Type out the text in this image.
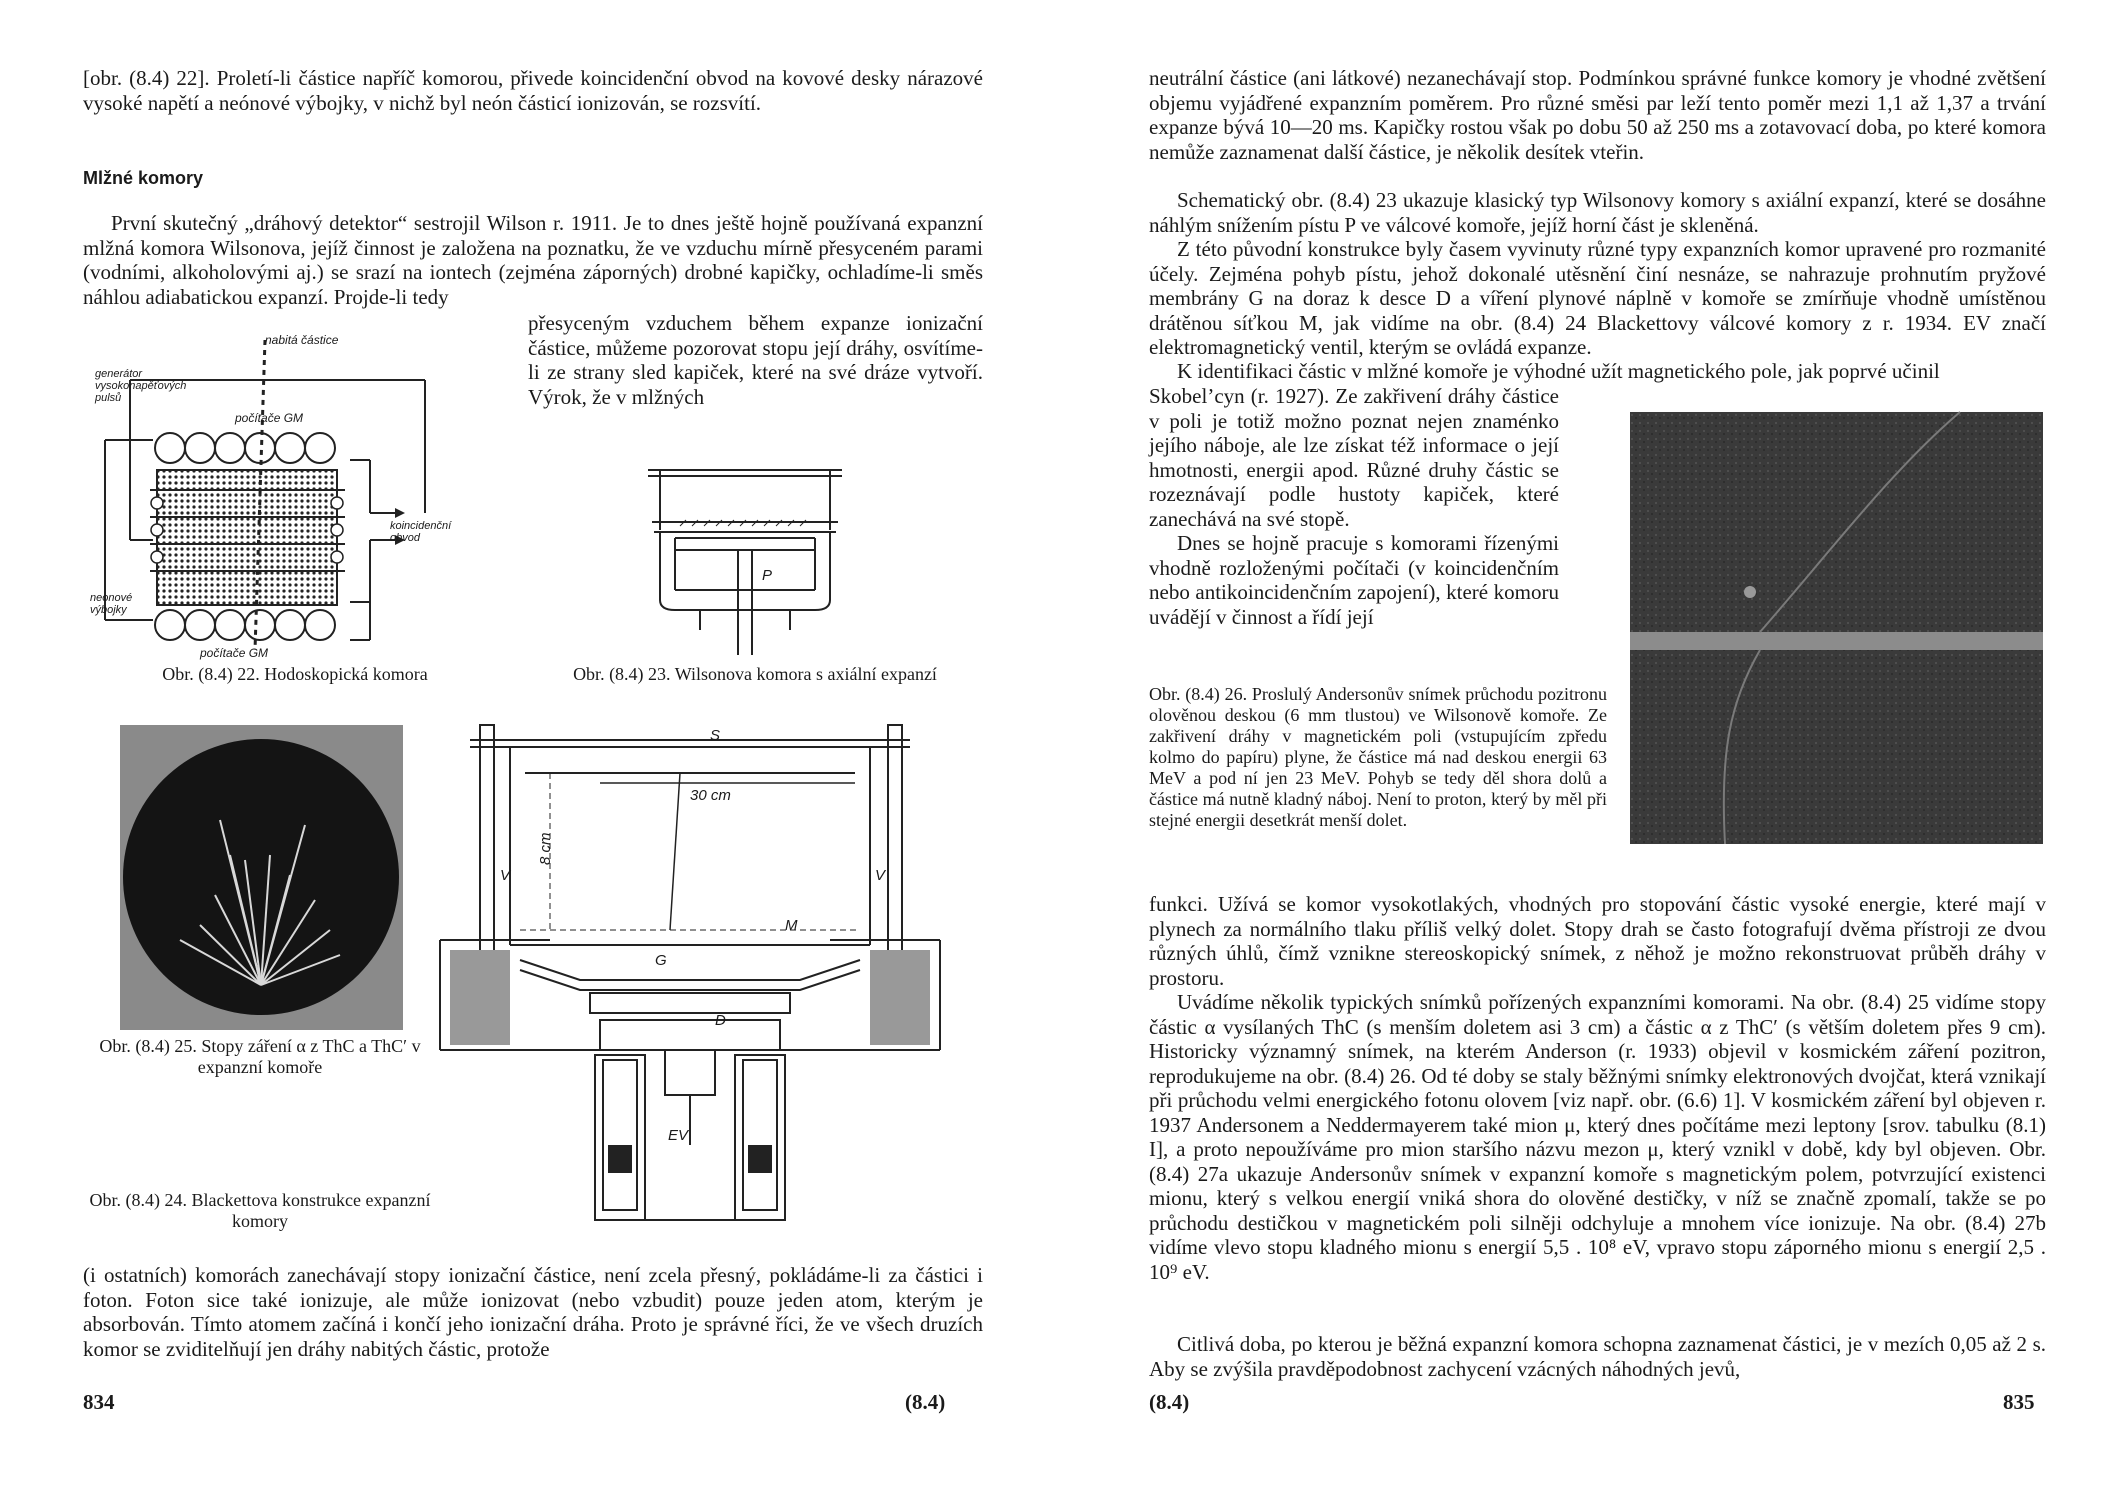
[obr. (8.4) 22]. Proletí-li částice napříč komorou, přivede koincidenční obvod na kovové desky nárazové vysoké napětí a neónové výbojky, v nichž byl neón částicí ionizován, se rozsvítí.

Mlžné komory

První skutečný „dráhový detektor“ sestrojil Wilson r. 1911. Je to dnes ještě hojně používaná expanzní mlžná komora Wilsonova, jejíž činnost je založena na poznatku, že ve vzduchu mírně přesyceném parami (vodními, alkoholovými aj.) se srazí na iontech (zejména záporných) drobné kapičky, ochladíme-li směs náhlou adiabatickou expanzí. Projde-li tedy

přesyceným vzduchem během expanze ionizační částice, můžeme pozorovat stopu její dráhy, osvítíme-li ze strany sled kapiček, které na své dráze vytvoří. Výrok, že v mlžných

nabitá částice
generátor vysokonapěťových pulsů
počítače GM
koincidenční obvod
neonové výbojky
počítače GM

Obr. (8.4) 22. Hodoskopická komora

P

Obr. (8.4) 23. Wilsonova komora s axiální expanzí

Obr. (8.4) 25. Stopy záření α z ThC a ThC′ v expanzní komoře

S
30 cm
8 cm
V	V
M
G
D
EV

Obr. (8.4) 24. Blackettova konstrukce expanzní komory

(i ostatních) komorách zanechávají stopy ionizační částice, není zcela přesný, pokládáme-li za částici i foton. Foton sice také ionizuje, ale může ionizovat (nebo vzbudit) pouze jeden atom, kterým je absorbován. Tímto atomem začíná i končí jeho ionizační dráha. Proto je správné říci, že ve všech druzích komor se zviditelňují jen dráhy nabitých částic, protože

834	(8.4)

neutrální částice (ani látkové) nezanechávají stop. Podmínkou správné funkce komory je vhodné zvětšení objemu vyjádřené expanzním poměrem. Pro různé směsi par leží tento poměr mezi 1,1 až 1,37 a trvání expanze bývá 10—20 ms. Kapičky rostou však po dobu 50 až 250 ms a zotavovací doba, po které komora nemůže zaznamenat další částice, je několik desítek vteřin.

Schematický obr. (8.4) 23 ukazuje klasický typ Wilsonovy komory s axiální expanzí, které se dosáhne náhlým snížením pístu P ve válcové komoře, jejíž horní část je skleněná.

Z této původní konstrukce byly časem vyvinuty různé typy expanzních komor upravené pro rozmanité účely. Zejména pohyb pístu, jehož dokonalé utěsnění činí nesnáze, se nahrazuje prohnutím pryžové membrány G na doraz k desce D a víření plynové náplně v komoře se zmírňuje vhodně umístěnou drátěnou síťkou M, jak vidíme na obr. (8.4) 24 Blackettovy válcové komory z r. 1934. EV značí elektromagnetický ventil, kterým se ovládá expanze.

K identifikaci částic v mlžné komoře je výhodné užít magnetického pole, jak poprvé učinil

Skobel’cyn (r. 1927). Ze zakřivení dráhy částice v poli je totiž možno poznat nejen znaménko jejího náboje, ale lze získat též informace o její hmotnosti, energii apod. Různé druhy částic se rozeznávají podle hustoty kapiček, které zanechává na své stopě.

Dnes se hojně pracuje s komorami řízenými vhodně rozloženými počítači (v koincidenčním nebo antikoincidenčním zapojení), které komoru uvádějí v činnost a řídí její

Obr. (8.4) 26. Proslulý Andersonův snímek průchodu pozitronu olověnou deskou (6 mm tlustou) ve Wilsonově komoře. Ze zakřivení dráhy v magnetickém poli (vstupujícím zpředu kolmo do papíru) plyne, že částice má nad deskou energii 63 MeV a pod ní jen 23 MeV. Pohyb se tedy děl shora dolů a částice má nutně kladný náboj. Není to proton, který by měl při stejné energii desetkrát menší dolet.

funkci. Užívá se komor vysokotlakých, vhodných pro stopování částic vysoké energie, které mají v plynech za normálního tlaku příliš velký dolet. Stopy drah se často fotografují dvěma přístroji ze dvou různých úhlů, čímž vznikne stereoskopický snímek, z něhož je možno rekonstruovat průběh dráhy v prostoru.

Uvádíme několik typických snímků pořízených expanzními komorami. Na obr. (8.4) 25 vidíme stopy částic α vysílaných ThC (s menším doletem asi 3 cm) a částic α z ThC′ (s větším doletem přes 9 cm). Historicky významný snímek, na kterém Anderson (r. 1933) objevil v kosmickém záření pozitron, reprodukujeme na obr. (8.4) 26. Od té doby se staly běžnými snímky elektronových dvojčat, která vznikají při průchodu velmi energického fotonu olovem [viz např. obr. (6.6) 1]. V kosmickém záření byl objeven r. 1937 Andersonem a Neddermayerem také mion μ, který dnes počítáme mezi leptony [srov. tabulku (8.1) I], a proto nepoužíváme pro mion staršího názvu mezon μ, který vznikl v době, kdy byl objeven. Obr. (8.4) 27a ukazuje Andersonův snímek v expanzní komoře s magnetickým polem, potvrzující existenci mionu, který s velkou energií vniká shora do olověné destičky, v níž se značně zpomalí, takže se po průchodu destičkou v magnetickém poli silněji odchyluje a mnohem více ionizuje. Na obr. (8.4) 27b vidíme vlevo stopu kladného mionu s energií 5,5 . 10⁸ eV, vpravo stopu záporného mionu s energií 2,5 . 10⁹ eV.

Citlivá doba, po kterou je běžná expanzní komora schopna zaznamenat částici, je v mezích 0,05 až 2 s. Aby se zvýšila pravděpodobnost zachycení vzácných náhodných jevů,

(8.4)	835
